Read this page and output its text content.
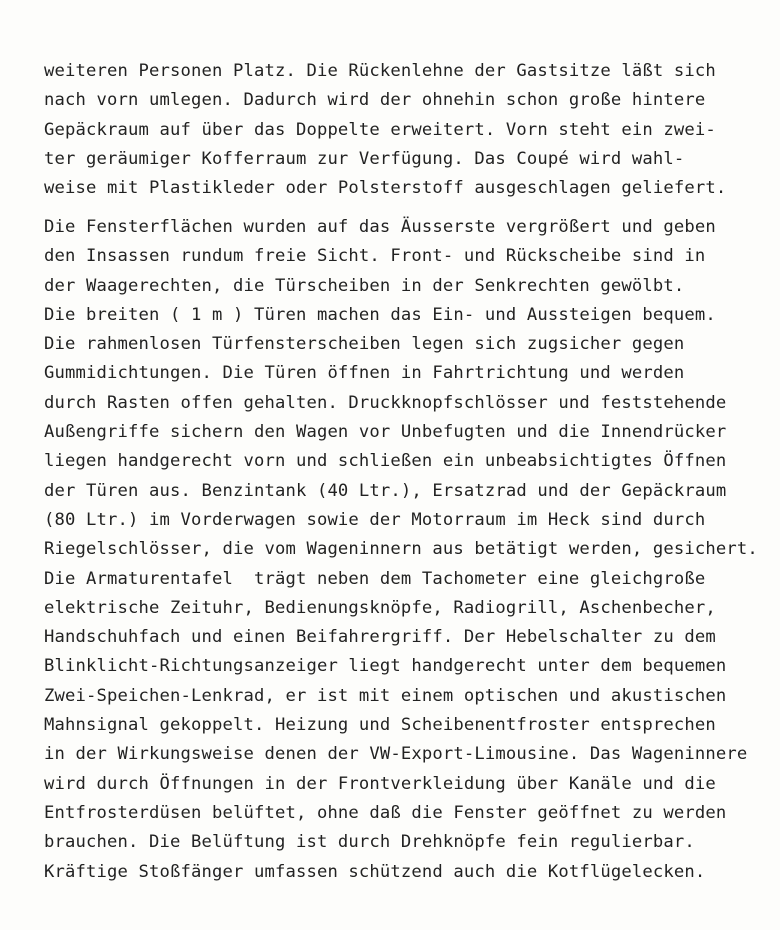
weiteren Personen Platz. Die Rückenlehne der Gastsitze läßt sich
nach vorn umlegen. Dadurch wird der ohnehin schon große hintere
Gepäckraum auf über das Doppelte erweitert. Vorn steht ein zwei-
ter geräumiger Kofferraum zur Verfügung. Das Coupé wird wahl-
weise mit Plastikleder oder Polsterstoff ausgeschlagen geliefert.
Die Fensterflächen wurden auf das Äusserste vergrößert und geben
den Insassen rundum freie Sicht. Front- und Rückscheibe sind in
der Waagerechten, die Türscheiben in der Senkrechten gewölbt.
Die breiten ( 1 m ) Türen machen das Ein- und Aussteigen bequem.
Die rahmenlosen Türfensterscheiben legen sich zugsicher gegen
Gummidichtungen. Die Türen öffnen in Fahrtrichtung und werden
durch Rasten offen gehalten. Druckknopfschlösser und feststehende
Außengriffe sichern den Wagen vor Unbefugten und die Innendrücker
liegen handgerecht vorn und schließen ein unbeabsichtigtes Öffnen
der Türen aus. Benzintank (40 Ltr.), Ersatzrad und der Gepäckraum
(80 Ltr.) im Vorderwagen sowie der Motorraum im Heck sind durch
Riegelschlösser, die vom Wageninnern aus betätigt werden, gesichert.
Die Armaturentafel  trägt neben dem Tachometer eine gleichgroße
elektrische Zeituhr, Bedienungsknöpfe, Radiogrill, Aschenbecher,
Handschuhfach und einen Beifahrergriff. Der Hebelschalter zu dem
Blinklicht-Richtungsanzeiger liegt handgerecht unter dem bequemen
Zwei-Speichen-Lenkrad, er ist mit einem optischen und akustischen
Mahnsignal gekoppelt. Heizung und Scheibenentfroster entsprechen
in der Wirkungsweise denen der VW-Export-Limousine. Das Wageninnere
wird durch Öffnungen in der Frontverkleidung über Kanäle und die
Entfrosterdüsen belüftet, ohne daß die Fenster geöffnet zu werden
brauchen. Die Belüftung ist durch Drehknöpfe fein regulierbar.
Kräftige Stoßfänger umfassen schützend auch die Kotflügelecken.
